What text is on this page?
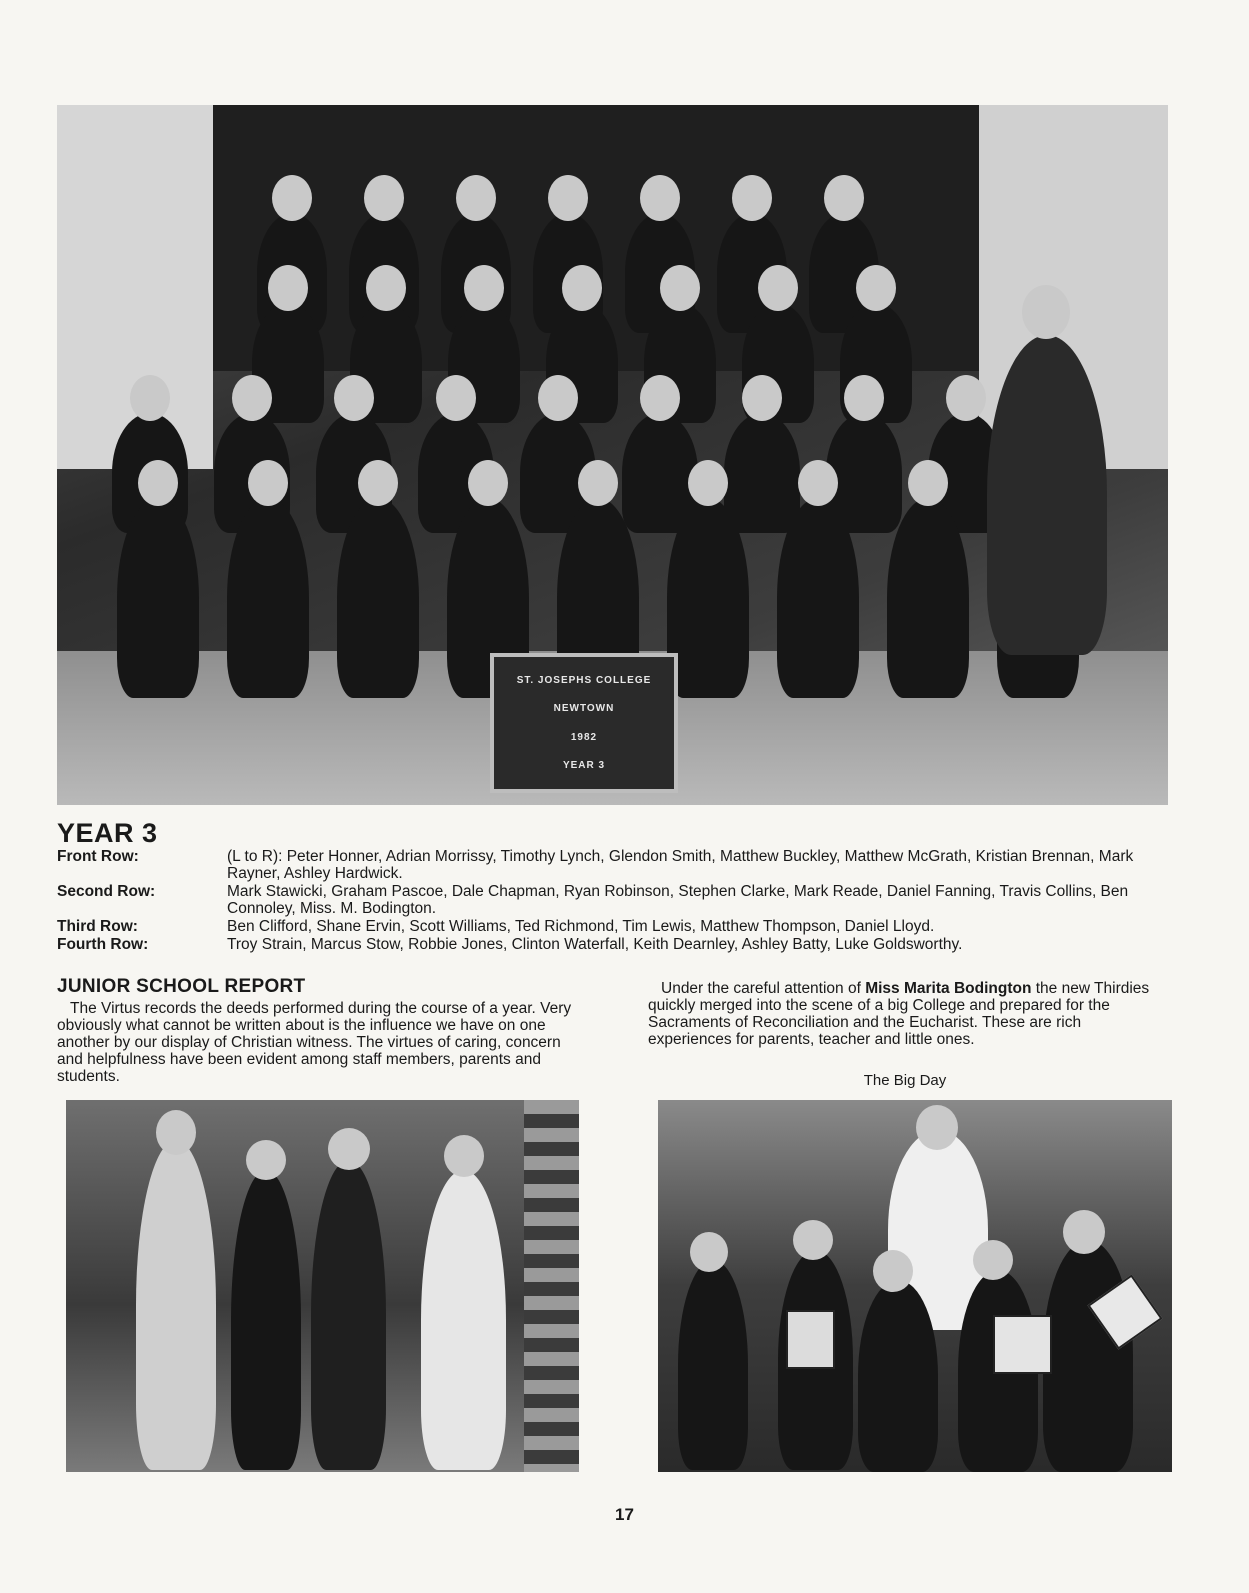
ST. JOSEPHS COLLEGE
NEWTOWN
1982
YEAR 3
YEAR 3
Front Row:	(L to R): Peter Honner, Adrian Morrissy, Timothy Lynch, Glendon Smith, Matthew Buckley, Matthew McGrath, Kristian Brennan, Mark Rayner, Ashley Hardwick.
Second Row:	Mark Stawicki, Graham Pascoe, Dale Chapman, Ryan Robinson, Stephen Clarke, Mark Reade, Daniel Fanning, Travis Collins, Ben Connoley, Miss. M. Bodington.
Third Row:	Ben Clifford, Shane Ervin, Scott Williams, Ted Richmond, Tim Lewis, Matthew Thompson, Daniel Lloyd.
Fourth Row:	Troy Strain, Marcus Stow, Robbie Jones, Clinton Waterfall, Keith Dearnley, Ashley Batty, Luke Goldsworthy.
JUNIOR SCHOOL REPORT

The Virtus records the deeds performed during the course of a year. Very obviously what cannot be written about is the influence we have on one another by our display of Christian witness. The virtues of caring, concern and helpfulness have been evident among staff members, parents and students.

Under the careful attention of Miss Marita Bodington the new Thirdies quickly merged into the scene of a big College and prepared for the Sacraments of Reconciliation and the Eucharist. These are rich experiences for parents, teacher and little ones.

The Big Day
17
